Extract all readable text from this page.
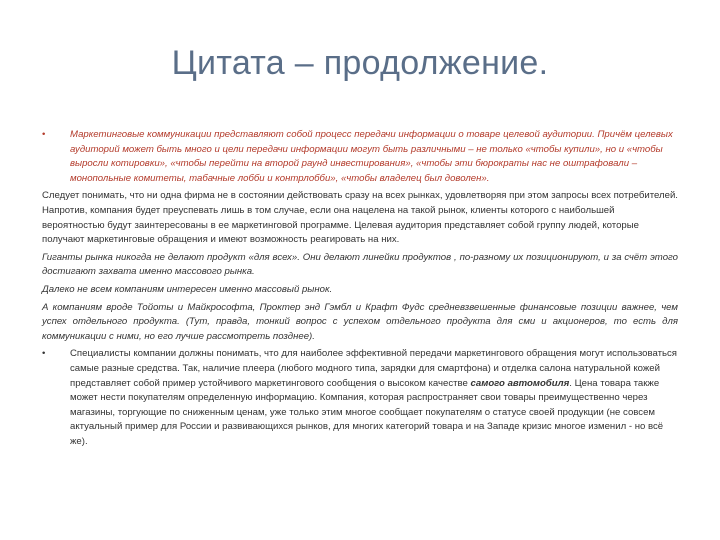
Цитата – продолжение.
•	Маркетинговые коммуникации представляют собой процесс передачи информации о товаре целевой аудитории. Причём целевых аудиторий может быть много и цели передачи информации могут быть различными – не только «чтобы купили», но и «чтобы выросли котировки», «чтобы перейти на второй раунд инвестирования», «чтобы эти бюрократы нас не оштрафовали – монопольные комитеты, табачные лобби и контрлобби», «чтобы владелец был доволен».

Следует понимать, что ни одна фирма не в состоянии действовать сразу на всех рынках, удовлетворяя при этом запросы всех потребителей. Напротив, компания будет преуспевать лишь в том случае, если она нацелена на такой рынок, клиенты которого с наибольшей вероятностью будут заинтересованы в ее маркетинговой программе. Целевая аудитория представляет собой группу людей, которые получают маркетинговые обращения и имеют возможность реагировать на них.

Гиганты рынка никогда не делают продукт «для всех». Они делают линейки продуктов , по-разному их позиционируют, и за счёт этого достигают захвата именно массового рынка.

Далеко не всем компаниям интересен именно массовый рынок.

А компаниям вроде Тойоты и Майкрософта, Проктер энд Гэмбл и Крафт Фудс средневзвешенные финансовые позиции важнее, чем успех отдельного продукта. (Тут, правда, тонкий вопрос с успехом отдельного продукта для сми и акционеров, то есть для коммуникации с ними, но его лучше рассмотреть позднее).

•	Специалисты компании должны понимать, что для наиболее эффективной передачи маркетингового обращения могут использоваться самые разные средства. Так, наличие плеера (любого модного типа, зарядки для смартфона) и отделка салона натуральной кожей представляет собой пример устойчивого маркетингового сообщения о высоком качестве самого автомобиля. Цена товара также может нести покупателям определенную информацию. Компания, которая распространяет свои товары преимущественно через магазины, торгующие по сниженным ценам, уже только этим многое сообщает покупателям о статусе своей продукции (не совсем актуальный пример для России и развивающихся рынков, для многих категорий товара и на Западе кризис многое изменил - но всё же).
